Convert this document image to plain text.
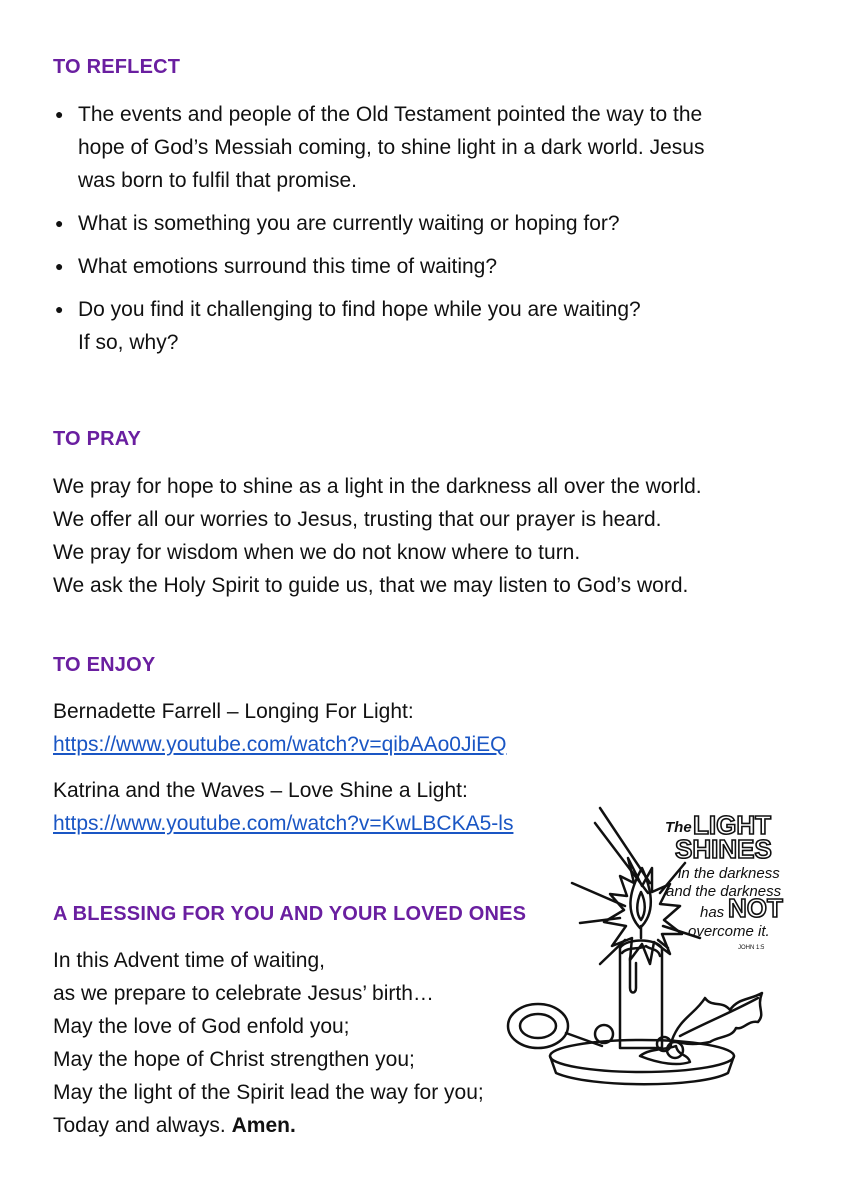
TO REFLECT
● The events and people of the Old Testament pointed the way to the
hope of God’s Messiah coming, to shine light in a dark world. Jesus
was born to fulfil that promise.
● What is something you are currently waiting or hoping for?
● What emotions surround this time of waiting?
● Do you find it challenging to find hope while you are waiting?
If so, why?
TO PRAY

We pray for hope to shine as a light in the darkness all over the world.
We offer all our worries to Jesus, trusting that our prayer is heard.
We pray for wisdom when we do not know where to turn.
We ask the Holy Spirit to guide us, that we may listen to God’s word.

TO ENJOY

Bernadette Farrell – Longing For Light:
https://www.youtube.com/watch?v=qibAAo0JiEQ

Katrina and the Waves – Love Shine a Light:
https://www.youtube.com/watch?v=KwLBCKA5-ls

A BLESSING FOR YOU AND YOUR LOVED ONES

In this Advent time of waiting,
as we prepare to celebrate Jesus’ birth…
May the love of God enfold you;
May the hope of Christ strengthen you;
May the light of the Spirit lead the way for you;
Today and always. Amen.

The LIGHT
SHINES
in the darkness
and the darkness
has NOT
overcome it.
JOHN 1:5
